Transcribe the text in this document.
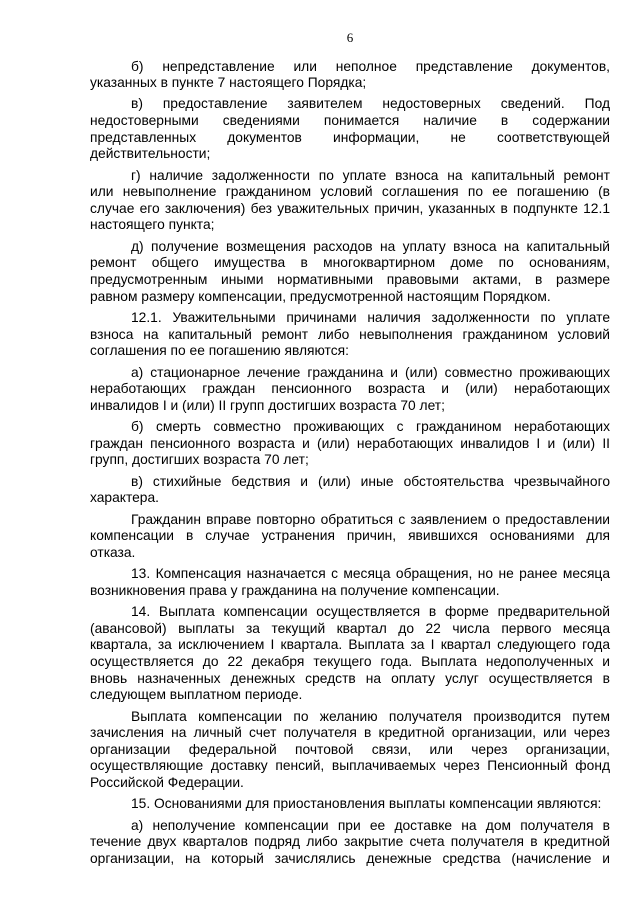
6
б) непредставление или неполное представление документов,
указанных в пункте 7 настоящего Порядка;
в) предоставление заявителем недостоверных сведений. Под
недостоверными сведениями понимается наличие в содержании
представленных документов информации, не соответствующей
действительности;
г) наличие задолженности по уплате взноса на капитальный ремонт
или невыполнение гражданином условий соглашения по ее погашению (в
случае его заключения) без уважительных причин, указанных в подпункте 12.1
настоящего пункта;
д) получение возмещения расходов на уплату взноса на капитальный
ремонт общего имущества в многоквартирном доме по основаниям,
предусмотренным иными нормативными правовыми актами, в размере
равном размеру компенсации, предусмотренной настоящим Порядком.
12.1. Уважительными причинами наличия задолженности по уплате
взноса на капитальный ремонт либо невыполнения гражданином условий
соглашения по ее погашению являются:
а) стационарное лечение гражданина и (или) совместно проживающих
неработающих граждан пенсионного возраста и (или) неработающих
инвалидов I и (или) II групп достигших возраста 70 лет;
б) смерть совместно проживающих с гражданином неработающих
граждан пенсионного возраста и (или) неработающих инвалидов I и (или) II
групп, достигших возраста 70 лет;
в) стихийные бедствия и (или) иные обстоятельства чрезвычайного
характера.
Гражданин вправе повторно обратиться с заявлением о предоставлении
компенсации в случае устранения причин, явившихся основаниями для
отказа.
13. Компенсация назначается с месяца обращения, но не ранее месяца
возникновения права у гражданина на получение компенсации.
14. Выплата компенсации осуществляется в форме предварительной
(авансовой) выплаты за текущий квартал до 22 числа первого месяца
квартала, за исключением I квартала. Выплата за I квартал следующего года
осуществляется до 22 декабря текущего года. Выплата недополученных и
вновь назначенных денежных средств на оплату услуг осуществляется в
следующем выплатном периоде.
Выплата компенсации по желанию получателя производится путем
зачисления на личный счет получателя в кредитной организации, или через
организации федеральной почтовой связи, или через организации,
осуществляющие доставку пенсий, выплачиваемых через Пенсионный фонд
Российской Федерации.
15. Основаниями для приостановления выплаты компенсации являются:
а) неполучение компенсации при ее доставке на дом получателя в
течение двух кварталов подряд либо закрытие счета получателя в кредитной
организации, на который зачислялись денежные средства (начисление и
